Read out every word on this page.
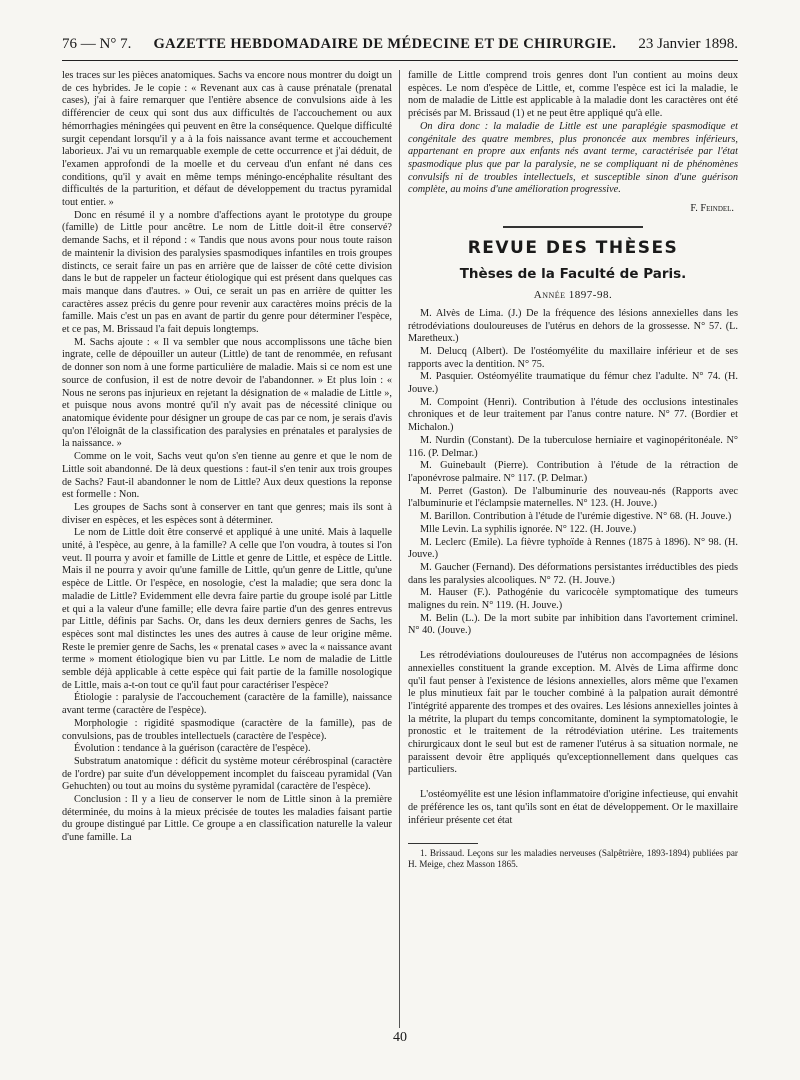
76 — N° 7. GAZETTE HEBDOMADAIRE DE MÉDECINE ET DE CHIRURGIE. 23 Janvier 1898.

les traces sur les pièces anatomiques. Sachs va encore nous montrer du doigt un de ces hybrides. Je le copie : « Revenant aux cas à cause prénatale (prenatal cases), j'ai à faire remarquer que l'entière absence de convulsions aide à les différencier de ceux qui sont dus aux difficultés de l'accouchement ou aux hémorrhagies méningées qui peuvent en être la conséquence. Quelque difficulté surgit cependant lorsqu'il y a à la fois naissance avant terme et accouchement laborieux. J'ai vu un remarquable exemple de cette occurrence et j'ai déduit, de l'examen approfondi de la moelle et du cerveau d'un enfant né dans ces conditions, qu'il y avait en même temps méningo-encéphalite résultant des difficultés de la parturition, et défaut de développement du tractus pyramidal tout entier. »

Donc en résumé il y a nombre d'affections ayant le prototype du groupe (famille) de Little pour ancêtre. Le nom de Little doit-il être conservé? demande Sachs, et il répond : « Tandis que nous avons pour nous toute raison de maintenir la division des paralysies spasmodiques infantiles en trois groupes distincts, ce serait faire un pas en arrière que de laisser de côté cette division dans le but de rappeler un facteur étiologique qui est présent dans quelques cas mais manque dans d'autres. » Oui, ce serait un pas en arrière de quitter les caractères assez précis du genre pour revenir aux caractères moins précis de la famille. Mais c'est un pas en avant de partir du genre pour déterminer l'espèce, et ce pas, M. Brissaud l'a fait depuis longtemps.

M. Sachs ajoute : « Il va sembler que nous accomplissons une tâche bien ingrate, celle de dépouiller un auteur (Little) de tant de renommée, en refusant de donner son nom à une forme particulière de maladie. Mais si ce nom est une source de confusion, il est de notre devoir de l'abandonner. » Et plus loin : « Nous ne serons pas injurieux en rejetant la désignation de « maladie de Little », et puisque nous avons montré qu'il n'y avait pas de nécessité clinique ou anatomique évidente pour désigner un groupe de cas par ce nom, je serais d'avis qu'on l'éloignât de la classification des paralysies en prénatales et paralysies de la naissance. »

Comme on le voit, Sachs veut qu'on s'en tienne au genre et que le nom de Little soit abandonné. De là deux questions : faut-il s'en tenir aux trois groupes de Sachs? Faut-il abandonner le nom de Little? Aux deux questions la reponse est formelle : Non.

Les groupes de Sachs sont à conserver en tant que genres; mais ils sont à diviser en espèces, et les espèces sont à déterminer.

Le nom de Little doit être conservé et appliqué à une unité. Mais à laquelle unité, à l'espèce, au genre, à la famille? A celle que l'on voudra, à toutes si l'on veut. Il pourra y avoir et famille de Little et genre de Little, et espèce de Little. Mais il ne pourra y avoir qu'une famille de Little, qu'un genre de Little, qu'une espèce de Little. Or l'espèce, en nosologie, c'est la maladie; que sera donc la maladie de Little? Evidemment elle devra faire partie du groupe isolé par Little et qui a la valeur d'une famille; elle devra faire partie d'un des genres entrevus par Little, définis par Sachs. Or, dans les deux derniers genres de Sachs, les espèces sont mal distinctes les unes des autres à cause de leur origine même. Reste le premier genre de Sachs, les « prenatal cases » avec la « naissance avant terme » moment étiologique bien vu par Little. Le nom de maladie de Little semble déjà applicable à cette espèce qui fait partie de la famille nosologique de Little, mais a-t-on tout ce qu'il faut pour caractériser l'espèce?

Étiologie : paralysie de l'accouchement (caractère de la famille), naissance avant terme (caractère de l'espèce).

Morphologie : rigidité spasmodique (caractère de la famille), pas de convulsions, pas de troubles intellectuels (caractère de l'espèce).

Évolution : tendance à la guérison (caractère de l'espèce).

Substratum anatomique : déficit du système moteur cérébrospinal (caractère de l'ordre) par suite d'un développement incomplet du faisceau pyramidal (Van Gehuchten) ou tout au moins du système pyramidal (caractère de l'espèce).

Conclusion : Il y a lieu de conserver le nom de Little sinon à la première déterminée, du moins à la mieux précisée de toutes les maladies faisant partie du groupe distingué par Little. Ce groupe a en classification naturelle la valeur d'une famille. La

famille de Little comprend trois genres dont l'un contient au moins deux espèces. Le nom d'espèce de Little, et, comme l'espèce est ici la maladie, le nom de maladie de Little est applicable à la maladie dont les caractères ont été précisés par M. Brissaud (1) et ne peut être appliqué qu'à elle.

On dira donc : la maladie de Little est une paraplégie spasmodique et congénitale des quatre membres, plus prononcée aux membres inférieurs, appartenant en propre aux enfants nés avant terme, caractérisée par l'état spasmodique plus que par la paralysie, ne se compliquant ni de phénomènes convulsifs ni de troubles intellectuels, et susceptible sinon d'une guérison complète, au moins d'une amélioration progressive.

F. Feindel.
REVUE DES THÈSES
Thèses de la Faculté de Paris.
Année 1897-98.

M. Alvès de Lima. (J.) De la fréquence des lésions annexielles dans les rétrodéviations douloureuses de l'utérus en dehors de la grossesse. N° 57. (L. Maretheux.)

M. Delucq (Albert). De l'ostéomyélite du maxillaire inférieur et de ses rapports avec la dentition. N° 75.

M. Pasquier. Ostéomyélite traumatique du fémur chez l'adulte. N° 74. (H. Jouve.)

M. Compoint (Henri). Contribution à l'étude des occlusions intestinales chroniques et de leur traitement par l'anus contre nature. N° 77. (Bordier et Michalon.)

M. Nurdin (Constant). De la tuberculose herniaire et vaginopéritonéale. N° 116. (P. Delmar.)

M. Guinebault (Pierre). Contribution à l'étude de la rétraction de l'aponévrose palmaire. N° 117. (P. Delmar.)

M. Perret (Gaston). De l'albuminurie des nouveau-nés (Rapports avec l'albuminurie et l'éclampsie maternelles. N° 123. (H. Jouve.)

M. Barillon. Contribution à l'étude de l'urémie digestive. N° 68. (H. Jouve.)

Mlle Levin. La syphilis ignorée. N° 122. (H. Jouve.)

M. Leclerc (Emile). La fièvre typhoïde à Rennes (1875 à 1896). N° 98. (H. Jouve.)

M. Gaucher (Fernand). Des déformations persistantes irréductibles des pieds dans les paralysies alcooliques. N° 72. (H. Jouve.)

M. Hauser (F.). Pathogénie du varicocèle symptomatique des tumeurs malignes du rein. N° 119. (H. Jouve.)

M. Belin (L.). De la mort subite par inhibition dans l'avortement criminel. N° 40. (Jouve.)

Les rétrodéviations douloureuses de l'utérus non accompagnées de lésions annexielles constituent la grande exception. M. Alvès de Lima affirme donc qu'il faut penser à l'existence de lésions annexielles, alors même que l'examen le plus minutieux fait par le toucher combiné à la palpation aurait démontré l'intégrité apparente des trompes et des ovaires. Les lésions annexielles jointes à la métrite, la plupart du temps concomitante, dominent la symptomatologie, le pronostic et le traitement de la rétrodéviation utérine. Les traitements chirurgicaux dont le seul but est de ramener l'utérus à sa situation normale, ne paraissent devoir être appliqués qu'exceptionnellement dans quelques cas particuliers.

L'ostéomyélite est une lésion inflammatoire d'origine infectieuse, qui envahit de préférence les os, tant qu'ils sont en état de développement. Or le maxillaire inférieur présente cet état

1. Brissaud. Leçons sur les maladies nerveuses (Salpêtrière, 1893-1894) publiées par H. Meige, chez Masson 1865.

40
